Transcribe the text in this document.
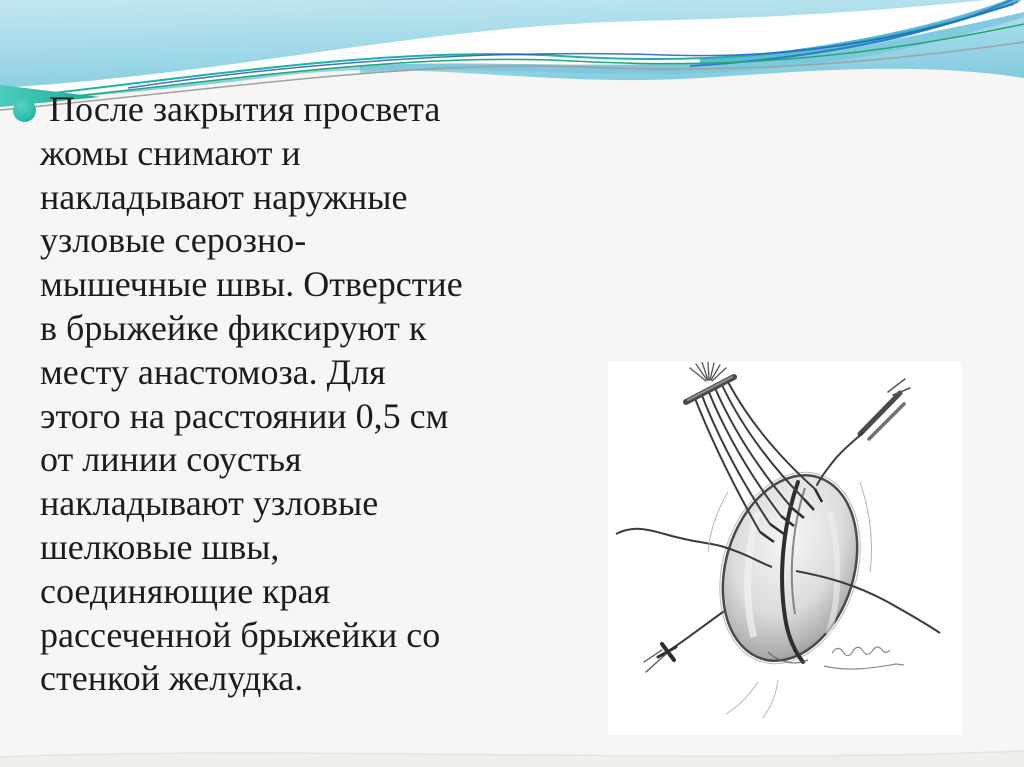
После закрытия просвета
жомы снимают и
накладывают наружные
узловые серозно-
мышечные швы. Отверстие
в брыжейке фиксируют к
месту анастомоза. Для
этого на расстоянии 0,5 см
от линии соустья
накладывают узловые
шелковые швы,
соединяющие края
рассеченной брыжейки со
стенкой желудка.
